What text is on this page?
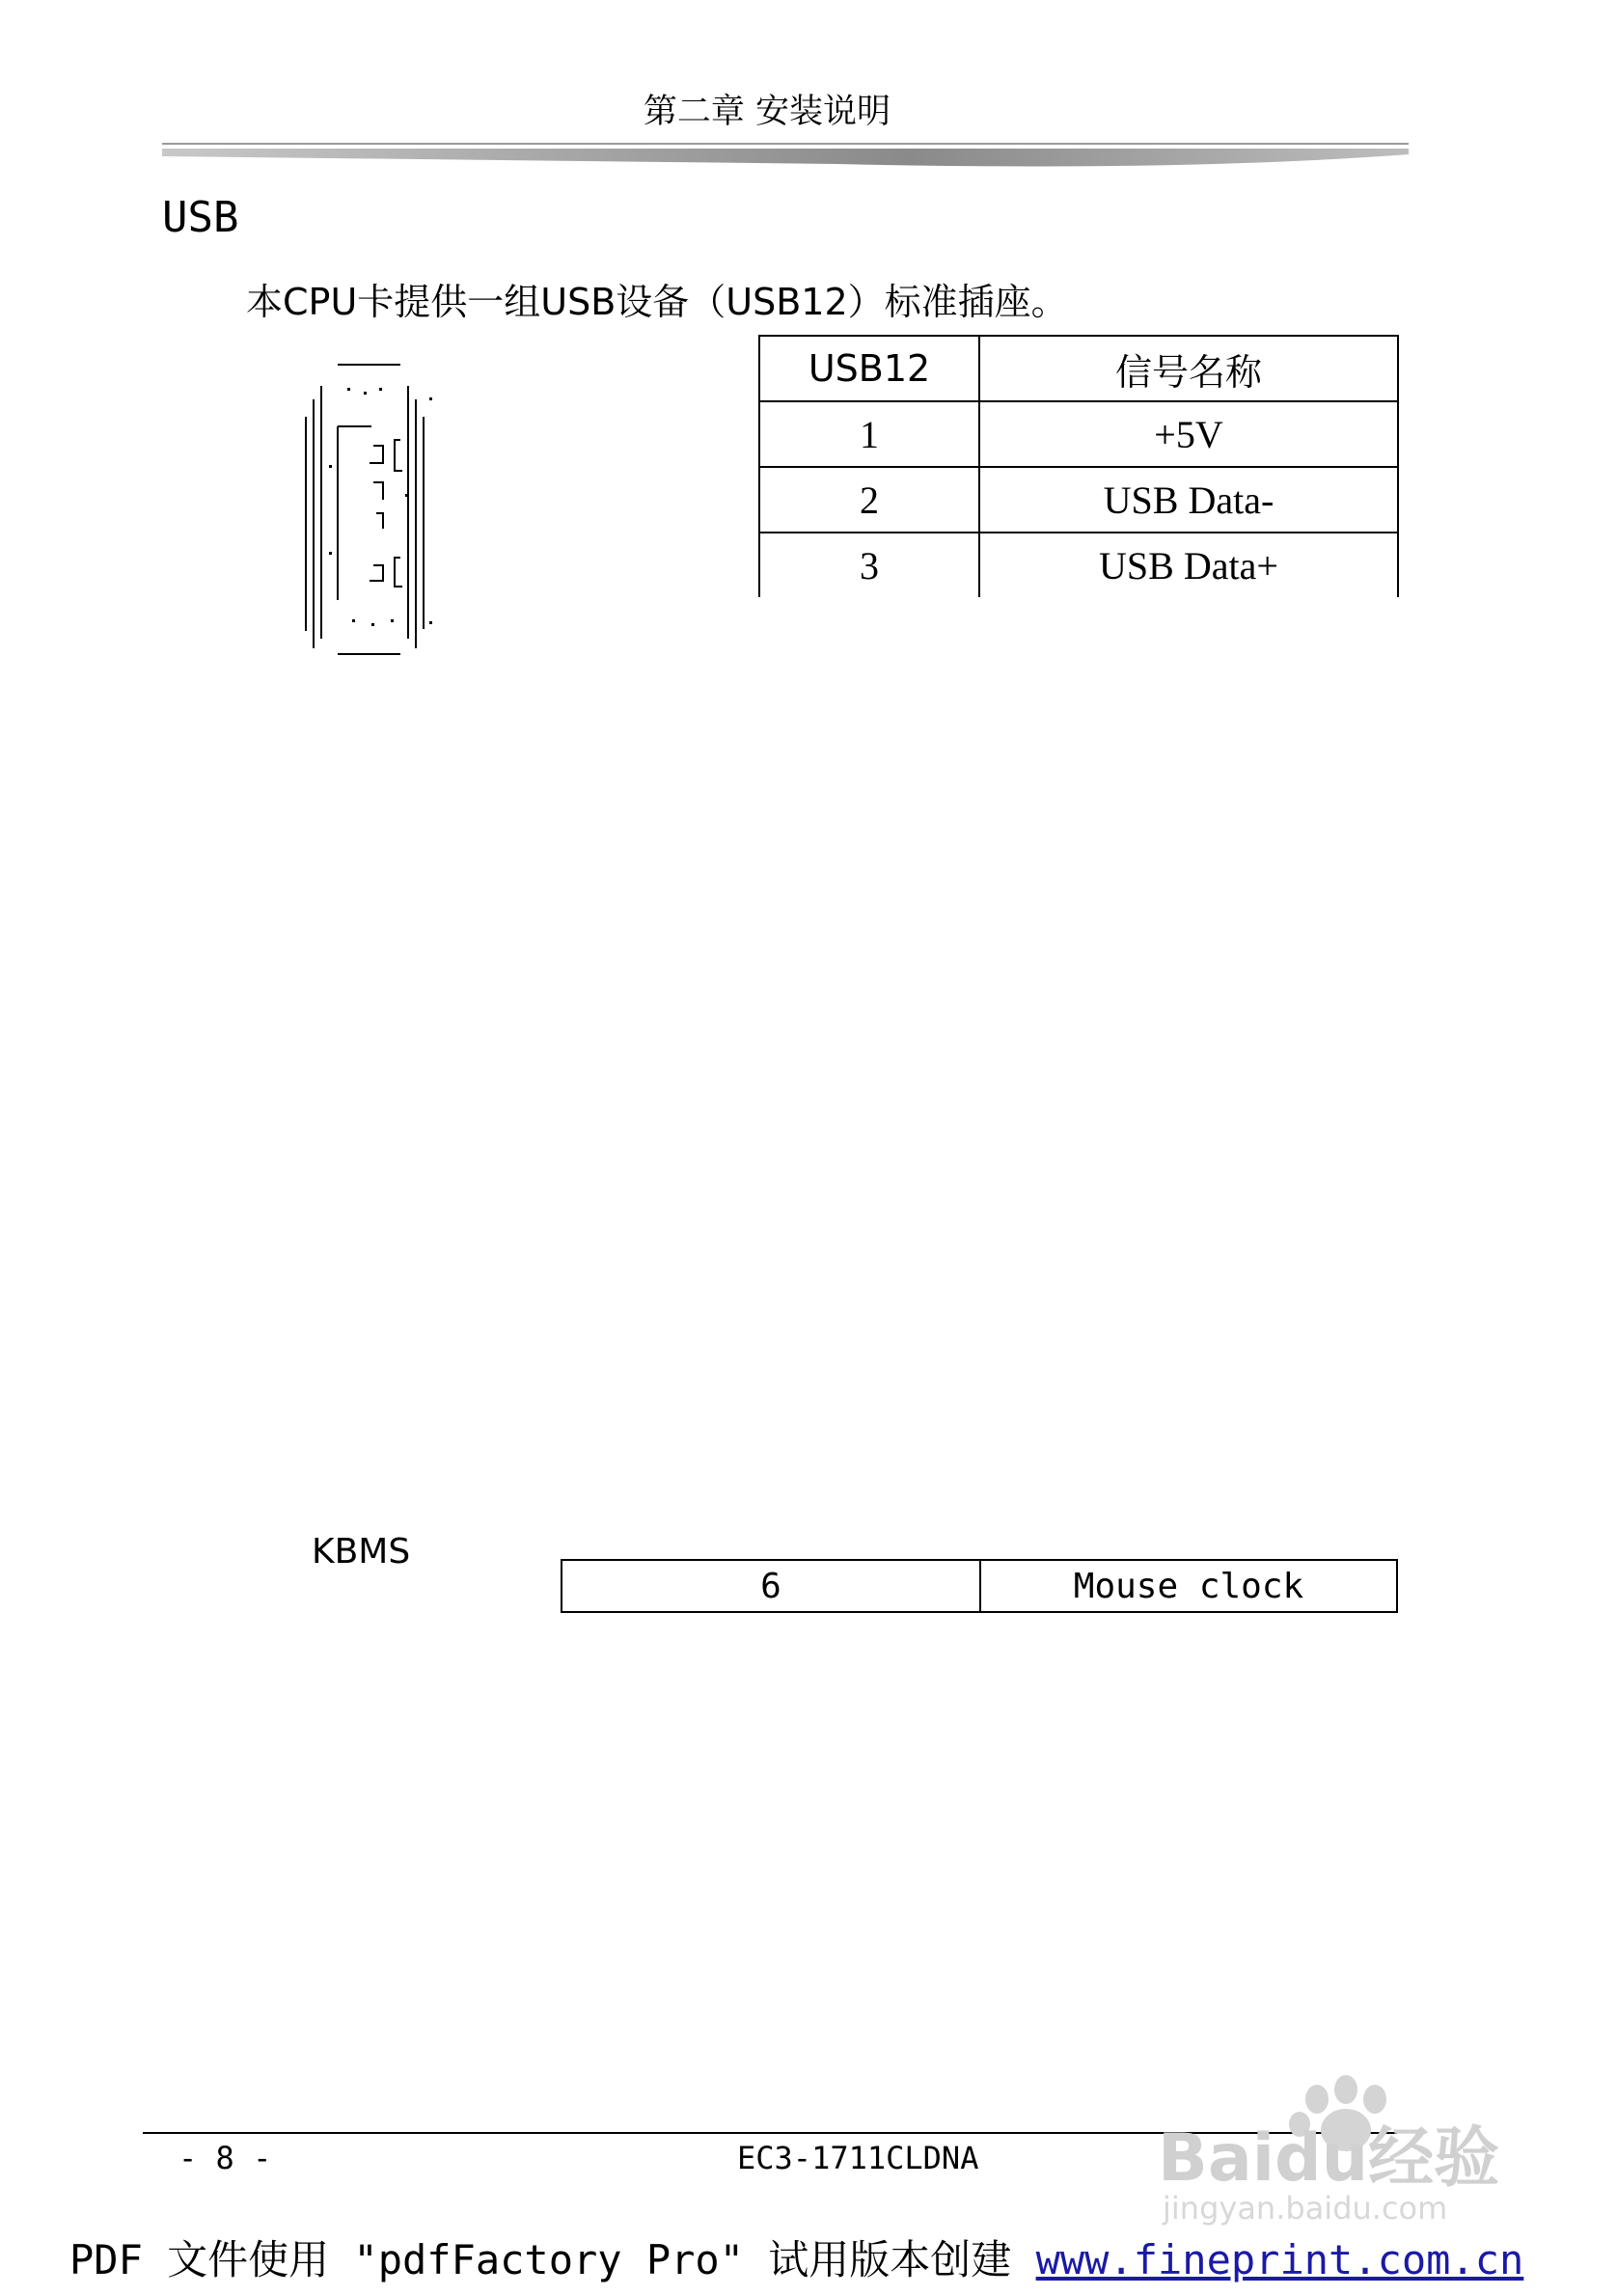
第二章 安装说明
USB
本CPU卡提供一组USB设备（USB12）标准插座。
USB12	信号名称
1	+5V
2	USB Data-
3	USB Data+
KBMS
6	Mouse clock
- 8 -	EC3-1711CLDNA	Baidu经验
jingyan.baidu.com
PDF 文件使用 "pdfFactory Pro" 试用版本创建 www.fineprint.com.cn
